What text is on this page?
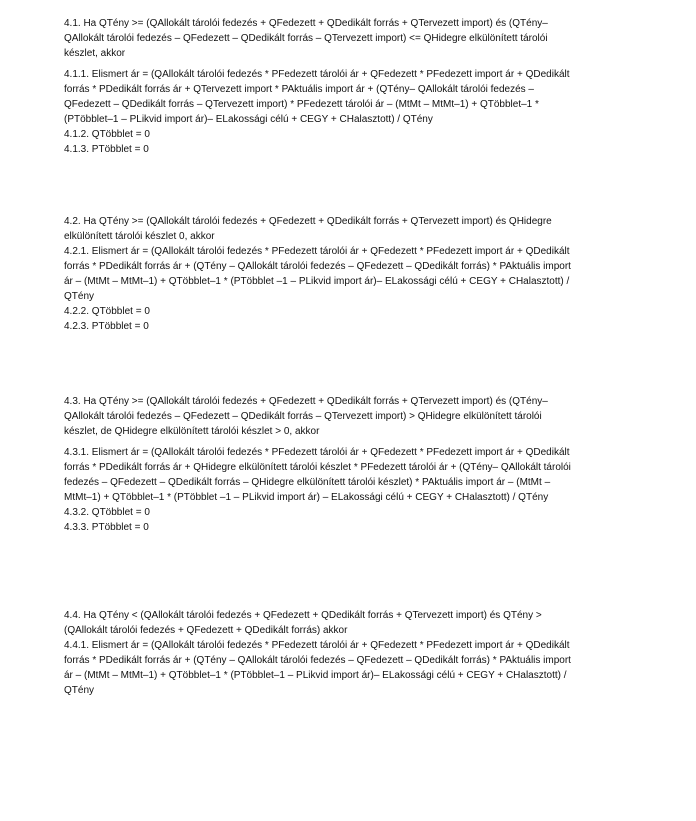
4.1. Ha QTény >= (QAllokált tárolói fedezés + QFedezett + QDedikált forrás + QTervezett import) és (QTény–
QAllokált tárolói fedezés – QFedezett – QDedikált forrás – QTervezett import) <= QHidegre elkülönített tárolói
készlet, akkor
4.1.1. Elismert ár = (QAllokált tárolói fedezés * PFedezett tárolói ár + QFedezett * PFedezett import ár + QDedikált
forrás * PDedikált forrás ár + QTervezett import * PAktuális import ár + (QTény– QAllokált tárolói fedezés –
QFedezett – QDedikált forrás – QTervezett import) * PFedezett tárolói ár – (MtMt – MtMt–1) + QTöbblet–1 *
(PTöbblet–1 – PLikvid import ár)– ELakossági célú + CEGY + CHalasztott) / QTény
4.1.2. QTöbblet = 0
4.1.3. PTöbblet = 0
4.2. Ha QTény >= (QAllokált tárolói fedezés + QFedezett + QDedikált forrás + QTervezett import) és QHidegre
elkülönített tárolói készlet 0, akkor
4.2.1. Elismert ár = (QAllokált tárolói fedezés * PFedezett tárolói ár + QFedezett * PFedezett import ár + QDedikált
forrás * PDedikált forrás ár + (QTény – QAllokált tárolói fedezés – QFedezett – QDedikált forrás) * PAktuális import
ár – (MtMt – MtMt–1) + QTöbblet–1 * (PTöbblet –1 – PLikvid import ár)– ELakossági célú + CEGY + CHalasztott) /
QTény
4.2.2. QTöbblet = 0
4.2.3. PTöbblet = 0
4.3. Ha QTény >= (QAllokált tárolói fedezés + QFedezett + QDedikált forrás + QTervezett import) és (QTény–
QAllokált tárolói fedezés – QFedezett – QDedikált forrás – QTervezett import) > QHidegre elkülönített tárolói
készlet, de QHidegre elkülönített tárolói készlet > 0, akkor
4.3.1. Elismert ár = (QAllokált tárolói fedezés * PFedezett tárolói ár + QFedezett * PFedezett import ár + QDedikált
forrás * PDedikált forrás ár + QHidegre elkülönített tárolói készlet * PFedezett tárolói ár + (QTény– QAllokált tárolói
fedezés – QFedezett – QDedikált forrás – QHidegre elkülönített tárolói készlet) * PAktuális import ár – (MtMt –
MtMt–1) + QTöbblet–1 * (PTöbblet –1 – PLikvid import ár) – ELakossági célú + CEGY + CHalasztott) / QTény
4.3.2. QTöbblet = 0
4.3.3. PTöbblet = 0
4.4. Ha QTény < (QAllokált tárolói fedezés + QFedezett + QDedikált forrás + QTervezett import) és QTény >
(QAllokált tárolói fedezés + QFedezett + QDedikált forrás) akkor
4.4.1. Elismert ár = (QAllokált tárolói fedezés * PFedezett tárolói ár + QFedezett * PFedezett import ár + QDedikált
forrás * PDedikált forrás ár + (QTény – QAllokált tárolói fedezés – QFedezett – QDedikált forrás) * PAktuális import
ár – (MtMt – MtMt–1) + QTöbblet–1 * (PTöbblet–1 – PLikvid import ár)– ELakossági célú + CEGY + CHalasztott) /
QTény
